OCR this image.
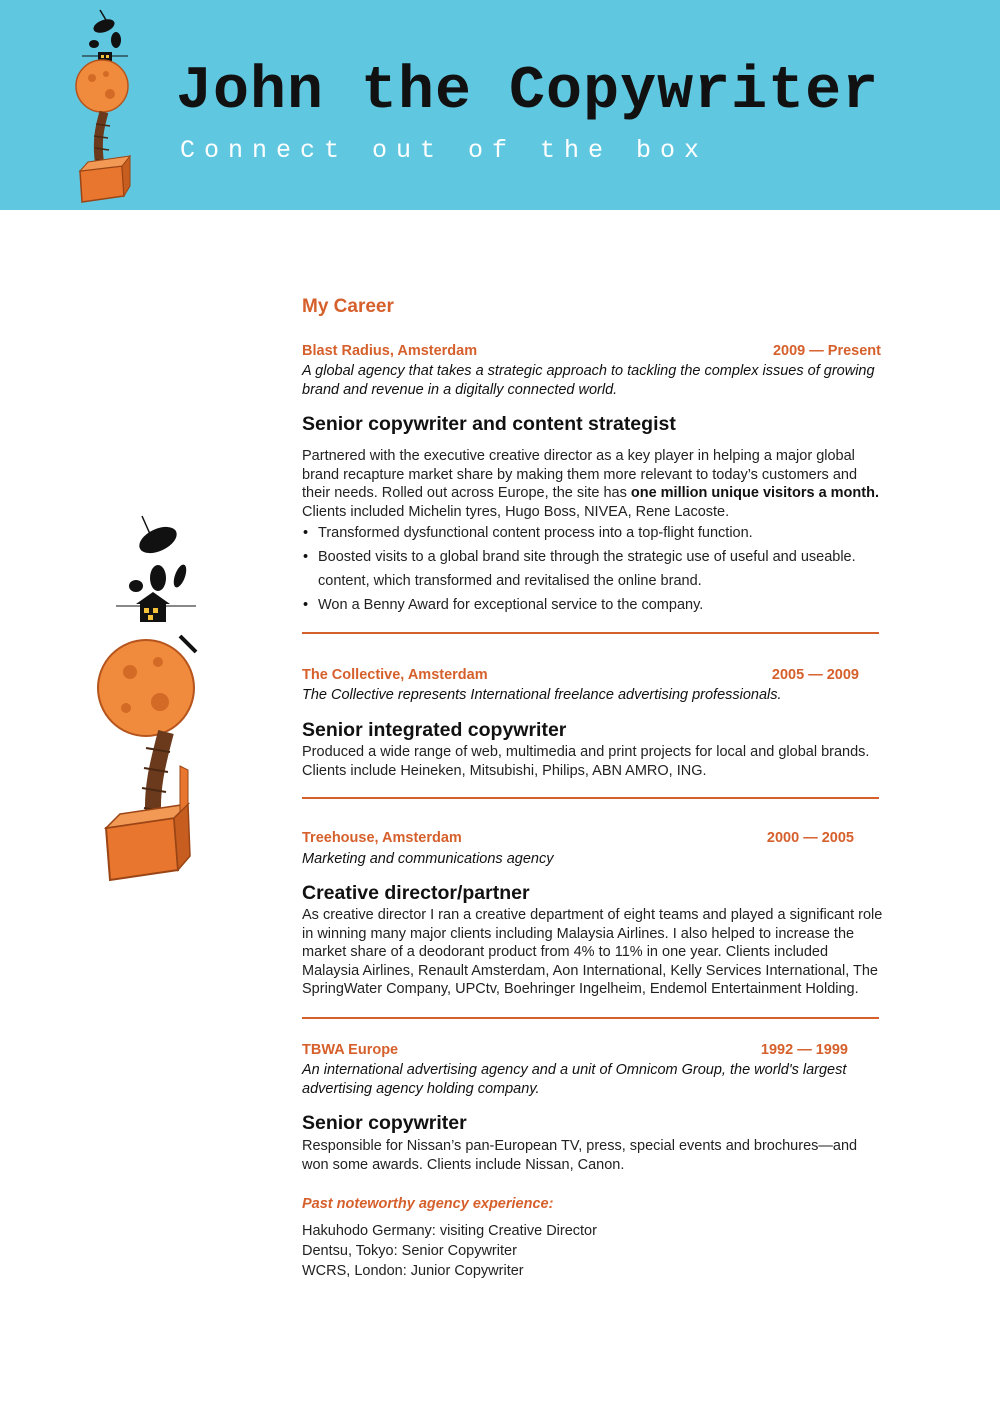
John the Copywriter
Connect out of the box
My Career
Blast Radius, Amsterdam	2009 — Present
A global agency that takes a strategic approach to tackling the complex issues of growing brand and revenue in a digitally connected world.
Senior copywriter and content strategist
Partnered with the executive creative director as a key player in helping a major global brand recapture market share by making them more relevant to today’s customers and their needs. Rolled out across Europe, the site has one million unique visitors a month. Clients included Michelin tyres, Hugo Boss, NIVEA, Rene Lacoste.
• Transformed dysfunctional content process into a top-flight function.
• Boosted visits to a global brand site through the strategic use of useful and useable.
content, which transformed and revitalised the online brand.
• Won a Benny Award for exceptional service to the company.
The Collective, Amsterdam	2005 — 2009
The Collective represents International freelance advertising professionals.
Senior integrated copywriter
Produced a wide range of web, multimedia and print projects for local and global brands. Clients include Heineken, Mitsubishi, Philips, ABN AMRO, ING.
Treehouse, Amsterdam	2000 — 2005
Marketing and communications agency
Creative director/partner
As creative director I ran a creative department of eight teams and played a significant role in winning many major clients including Malaysia Airlines. I also helped to increase the market share of a deodorant product from 4% to 11% in one year. Clients included Malaysia Airlines, Renault Amsterdam, Aon International, Kelly Services International, The SpringWater Company, UPCtv, Boehringer Ingelheim, Endemol Entertainment Holding.
TBWA Europe	1992 — 1999
An international advertising agency and a unit of Omnicom Group, the world's largest advertising agency holding company.
Senior copywriter
Responsible for Nissan’s pan-European TV, press, special events and brochures—and won some awards. Clients include Nissan, Canon.
Past noteworthy agency experience:
Hakuhodo Germany: visiting Creative Director
Dentsu, Tokyo: Senior Copywriter
WCRS, London: Junior Copywriter
